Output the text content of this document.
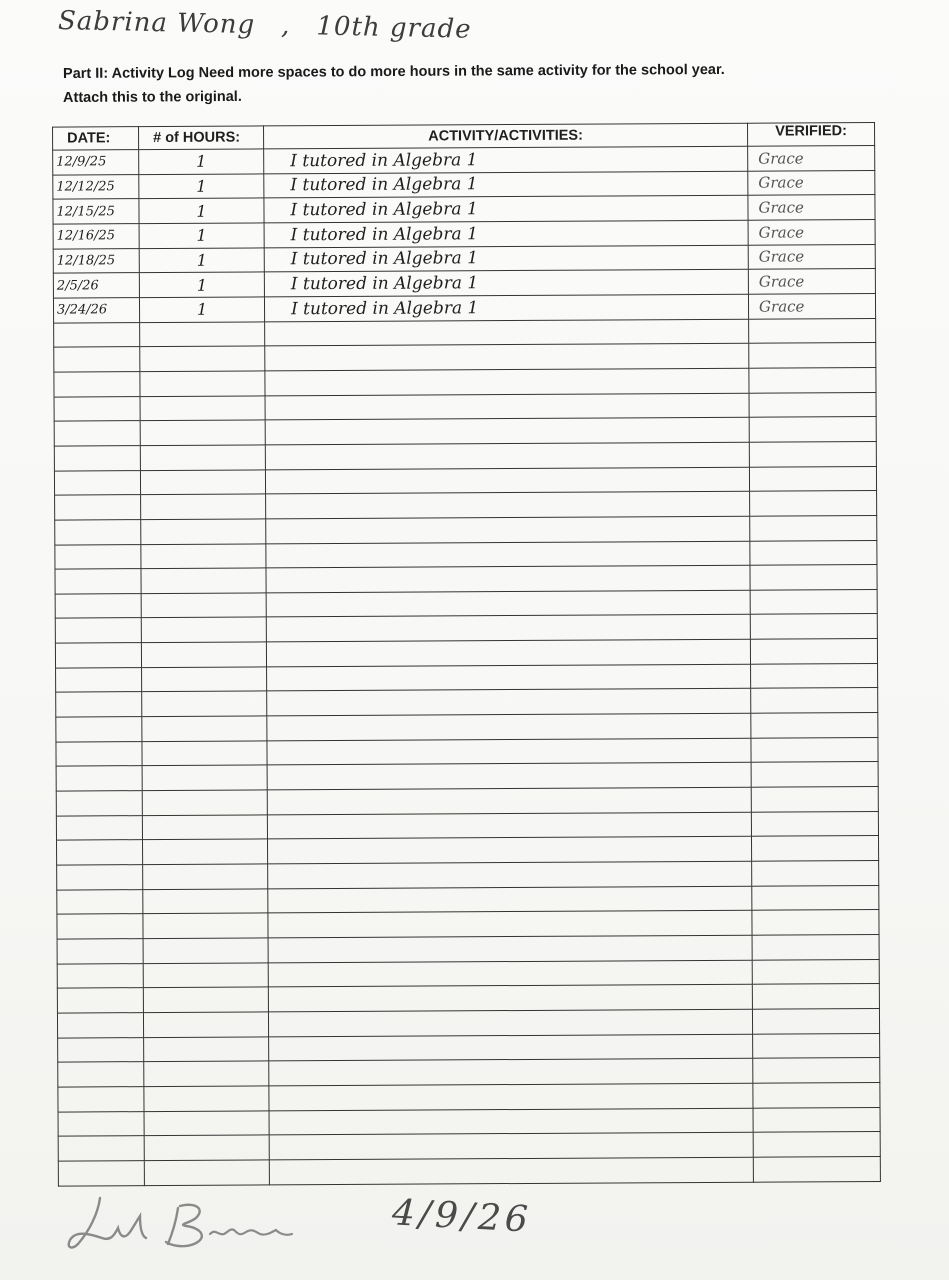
Sabrina Wong , 10th grade
Part II: Activity Log Need more spaces to do more hours in the same activity for the school year.
Attach this to the original.
DATE:	# of HOURS:	ACTIVITY/ACTIVITIES:	VERIFIED:
12/9/25	1	I tutored in Algebra 1	Grace
12/12/25	1	I tutored in Algebra 1	Grace
12/15/25	1	I tutored in Algebra 1	Grace
12/16/25	1	I tutored in Algebra 1	Grace
12/18/25	1	I tutored in Algebra 1	Grace
2/5/26	1	I tutored in Algebra 1	Grace
3/24/26	1	I tutored in Algebra 1	Grace

4/9/26
